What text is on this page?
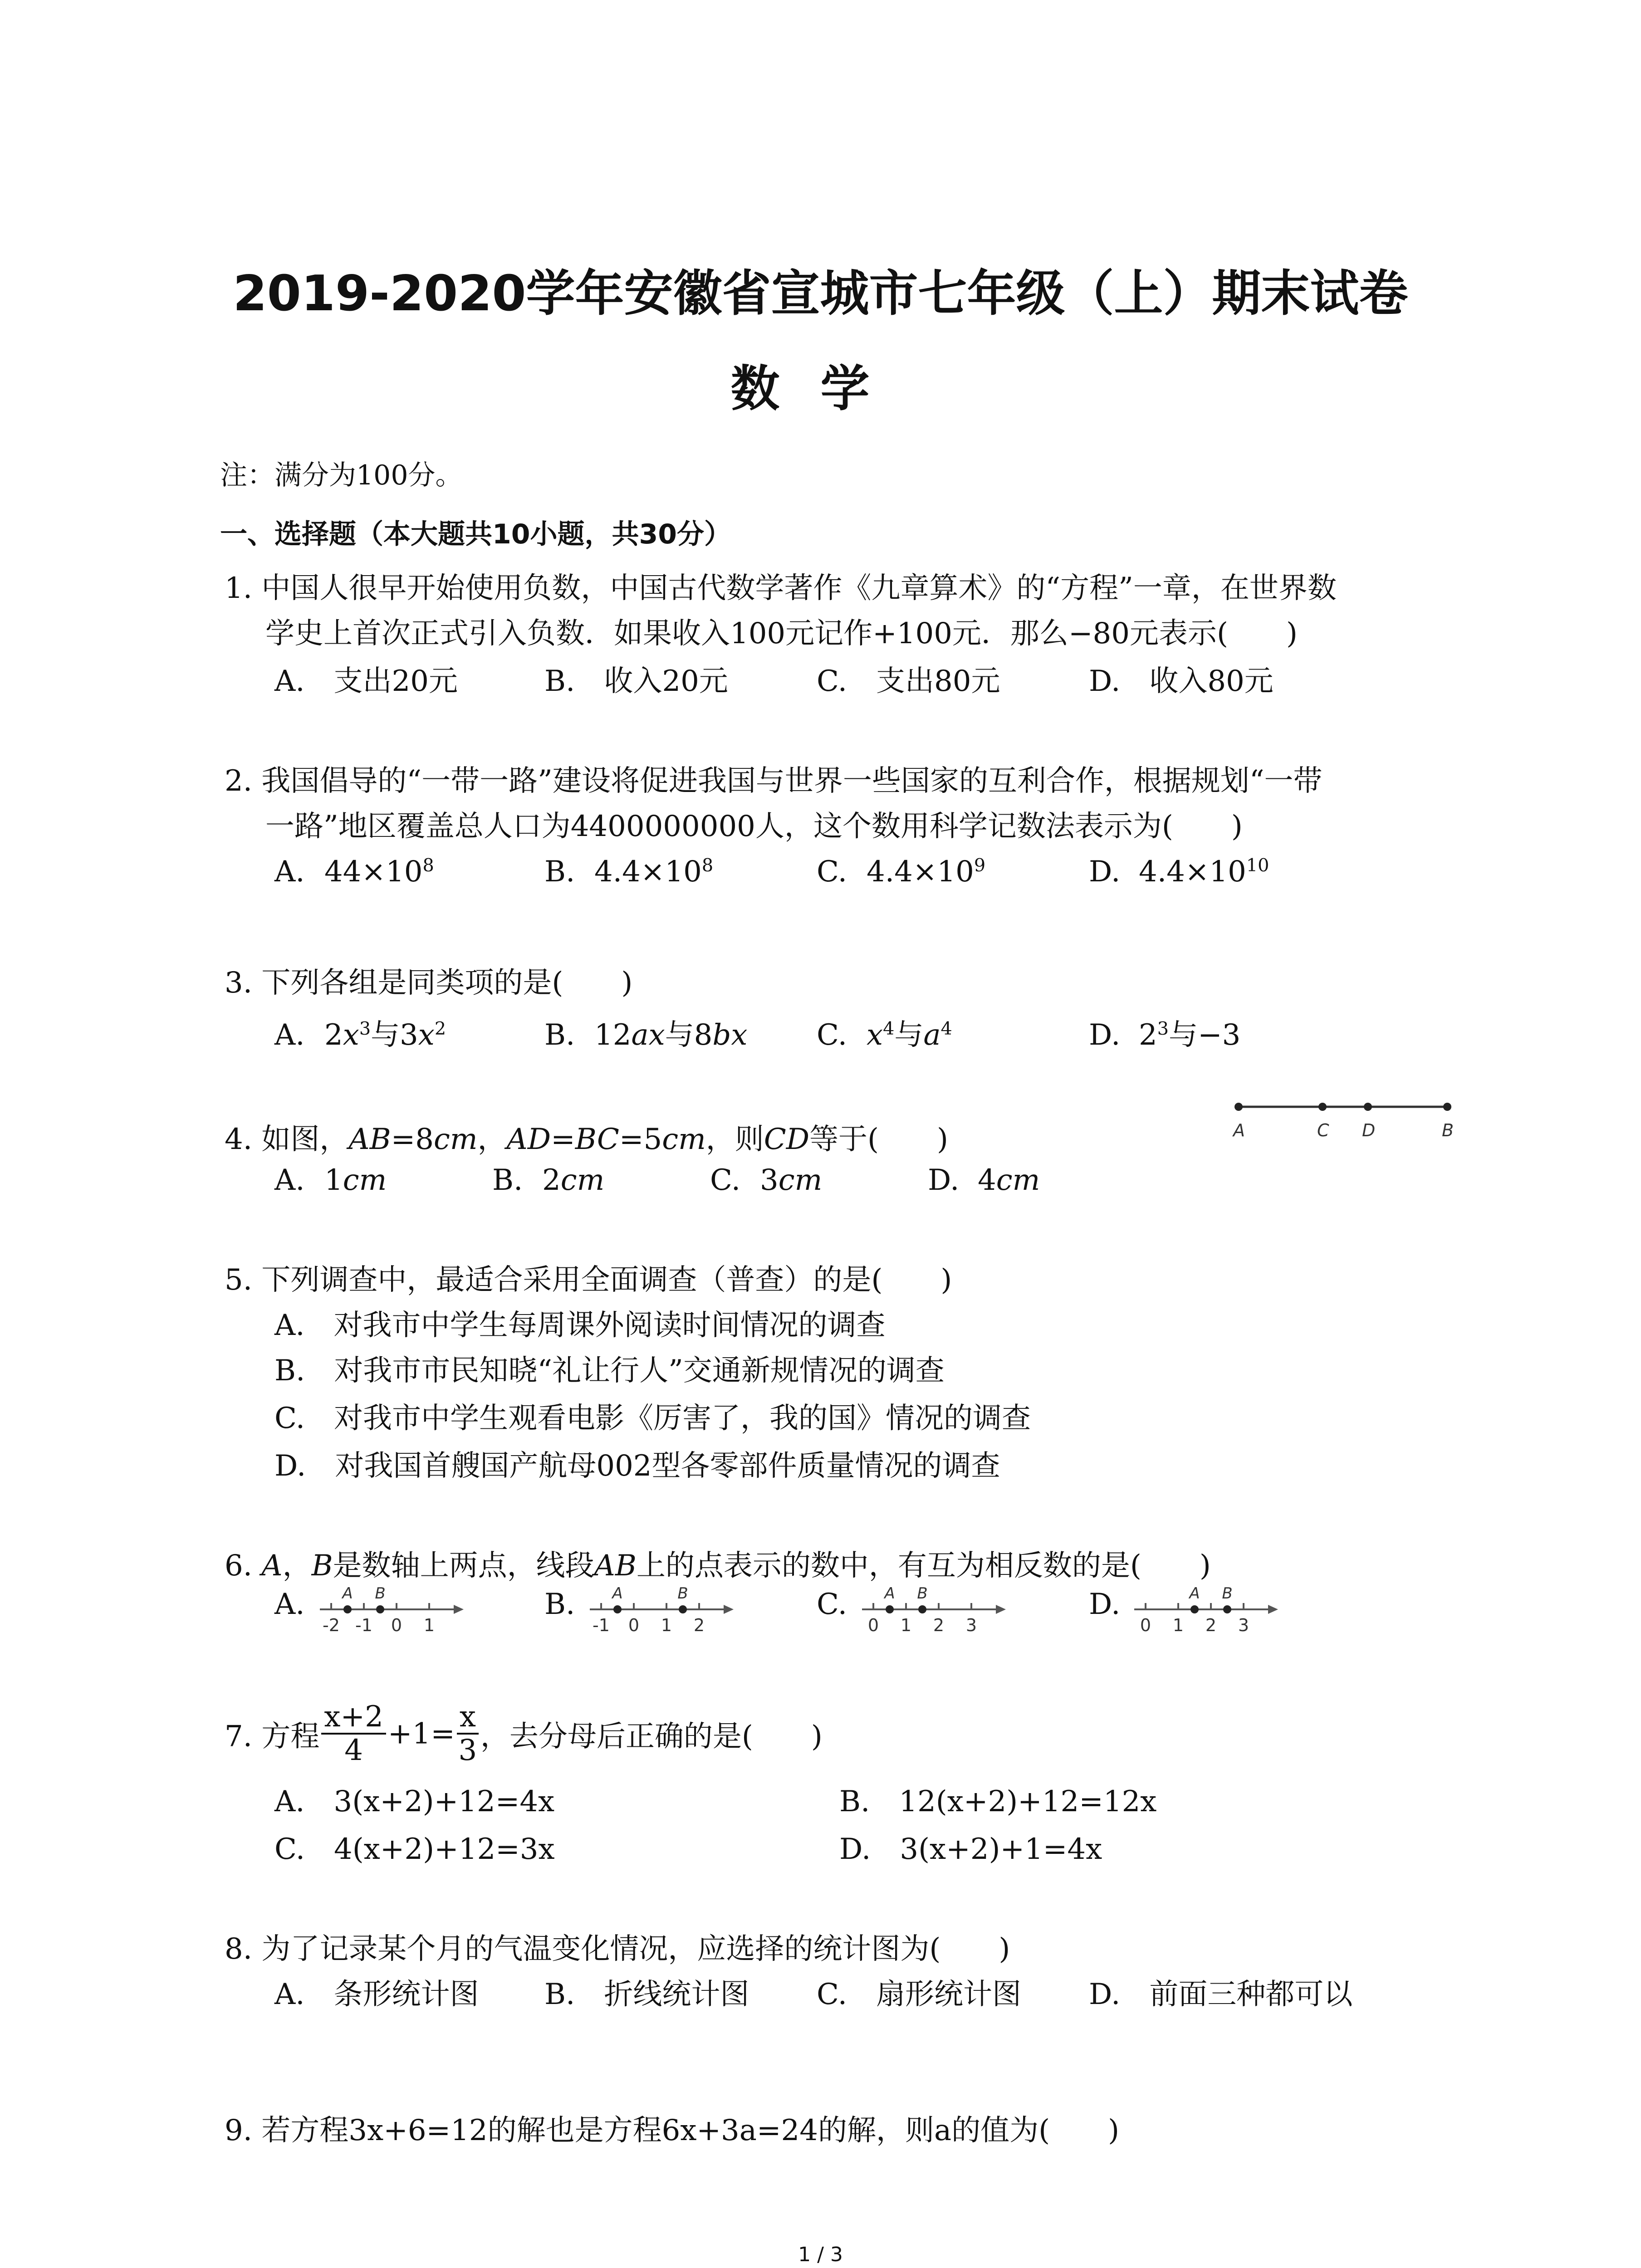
2019-2020学年安徽省宣城市七年级（上）期末试卷
数学
注：满分为100分。
一、选择题（本大题共10小题，共30分）
1. 中国人很早开始使用负数，中国古代数学著作《九章算术》的“方程”一章，在世界数
学史上首次正式引入负数．如果收入100元记作+100元．那么−80元表示(　　)
A.　支出20元	B.　收入20元	C.　支出80元	D.　收入80元
2. 我国倡导的“一带一路”建设将促进我国与世界一些国家的互利合作，根据规划“一带
一路”地区覆盖总人口为4400000000人，这个数用科学记数法表示为(　　)
A. $44\times 10^8$	B. $4.4\times 10^8$	C. $4.4\times 10^9$	D. $4.4\times 10^{10}$
3. 下列各组是同类项的是(　　)
A. $2x^3$与$3x^2$	B. 12ax与8bx C. $x^4$与$a^4$	D. $2^3$与−3
4. 如图，AB=8cm，AD=BC=5cm，则CD等于(　　)
A. 1cm	B. 2cm	C. 3cm	D. 4cm
A	C D	B
5. 下列调查中，最适合采用全面调查（普查）的是(　　)
A.　对我市中学生每周课外阅读时间情况的调查
B.　对我市市民知晓“礼让行人”交通新规情况的调查
C.　对我市中学生观看电影《厉害了，我的国》情况的调查
D.　对我国首艘国产航母002型各零部件质量情况的调查
6. A，B是数轴上两点，线段AB上的点表示的数中，有互为相反数的是(　　)
A.	B.	C.	D.
-2 -1 0 1
A B
-1 0 1 2
A	B
0 1 2 3
A B
0 1 2 3
A B
7. 方程 $\frac{x+2}{4} +1= \frac{x}{3}$ ，去分母后正确的是(　　)
A.　3(x+2)+12=4x	B.　12(x+2)+12=12x
C.　4(x+2)+12=3x	D.　3(x+2)+1=4x
8. 为了记录某个月的气温变化情况，应选择的统计图为(　　)
A.　条形统计图 B.　折线统计图 C.　扇形统计图 D.　前面三种都可以
9. 若方程3x+6=12的解也是方程6x+3a=24的解，则a的值为(　　)
1 / 3
